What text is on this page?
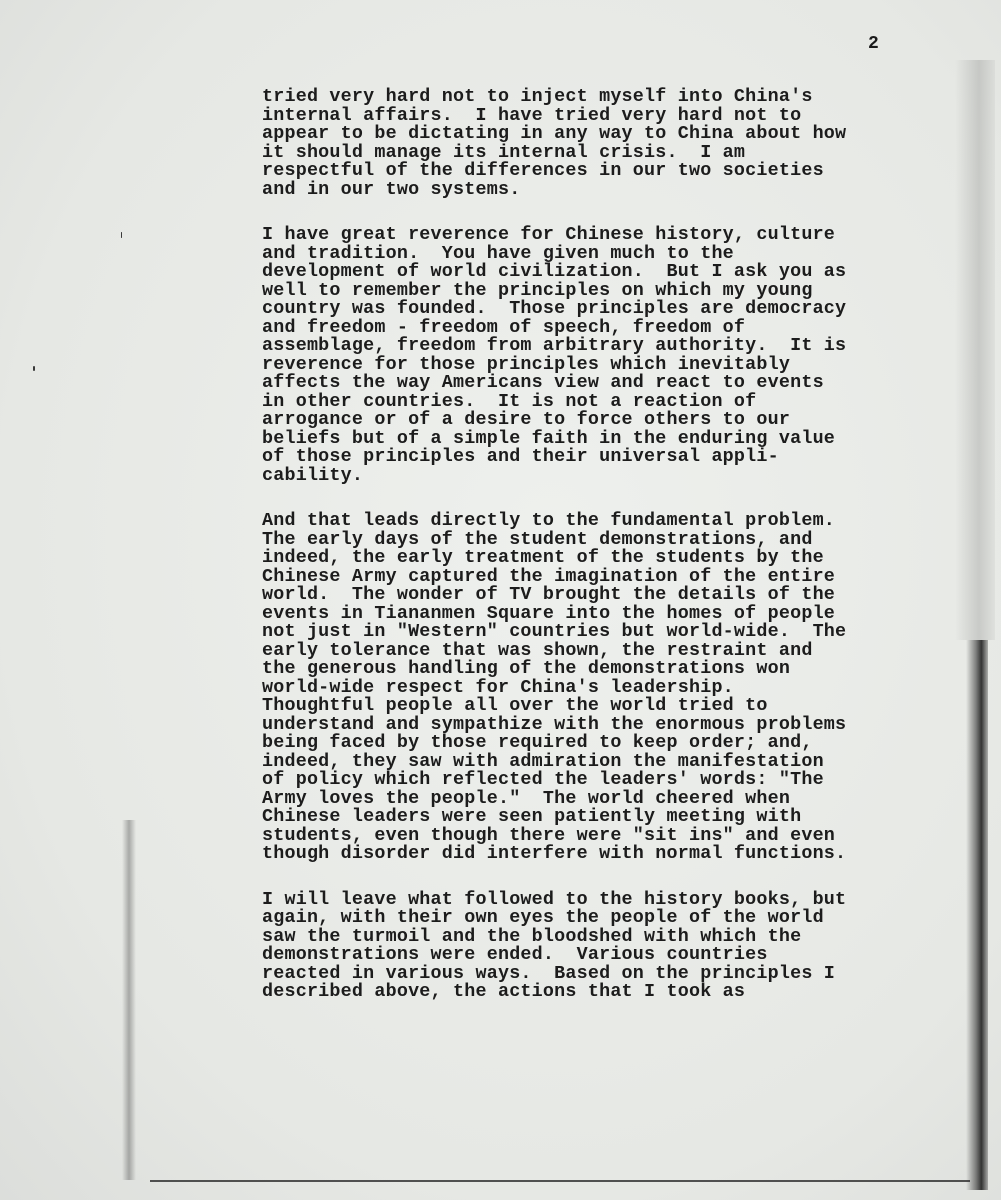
2
tried very hard not to inject myself into China's
internal affairs.  I have tried very hard not to
appear to be dictating in any way to China about how
it should manage its internal crisis.  I am
respectful of the differences in our two societies
and in our two systems.
I have great reverence for Chinese history, culture
and tradition.  You have given much to the
development of world civilization.  But I ask you as
well to remember the principles on which my young
country was founded.  Those principles are democracy
and freedom - freedom of speech, freedom of
assemblage, freedom from arbitrary authority.  It is
reverence for those principles which inevitably
affects the way Americans view and react to events
in other countries.  It is not a reaction of
arrogance or of a desire to force others to our
beliefs but of a simple faith in the enduring value
of those principles and their universal appli-
cability.
And that leads directly to the fundamental problem.
The early days of the student demonstrations, and
indeed, the early treatment of the students by the
Chinese Army captured the imagination of the entire
world.  The wonder of TV brought the details of the
events in Tiananmen Square into the homes of people
not just in "Western" countries but world-wide.  The
early tolerance that was shown, the restraint and
the generous handling of the demonstrations won
world-wide respect for China's leadership.
Thoughtful people all over the world tried to
understand and sympathize with the enormous problems
being faced by those required to keep order; and,
indeed, they saw with admiration the manifestation
of policy which reflected the leaders' words: "The
Army loves the people."  The world cheered when
Chinese leaders were seen patiently meeting with
students, even though there were "sit ins" and even
though disorder did interfere with normal functions.
I will leave what followed to the history books, but
again, with their own eyes the people of the world
saw the turmoil and the bloodshed with which the
demonstrations were ended.  Various countries
reacted in various ways.  Based on the principles I
described above, the actions that I took as
